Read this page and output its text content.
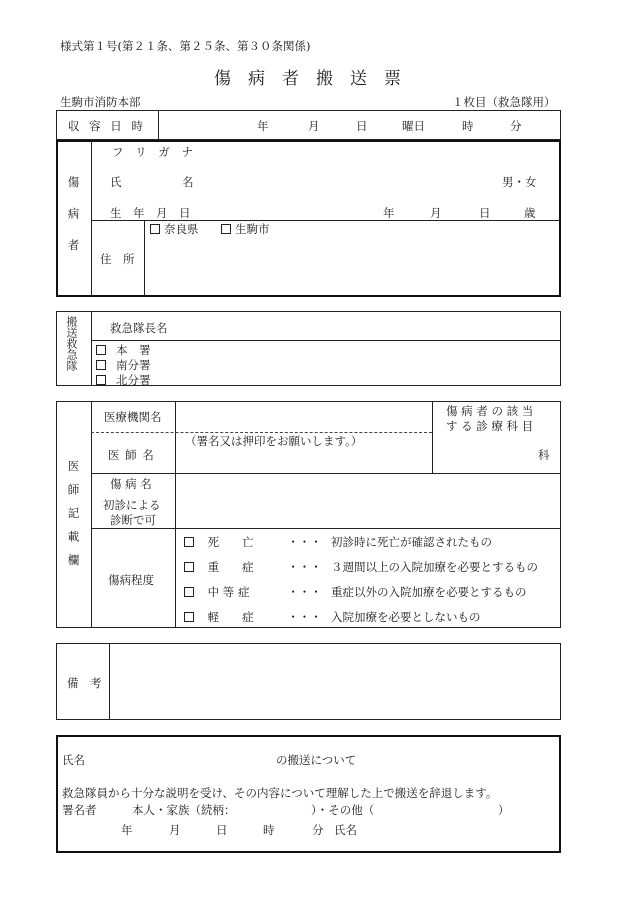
様式第１号(第２１条、第２５条、第３０条関係)
傷　病　者　搬　送　票
生駒市消防本部	１枚目（救急隊用）
収 容 日 時	年	月	日	曜日	時	分
傷病者
フ リ ガ ナ
氏	名	男・女
生　年　月　日	年	月	日	歳
住　所
奈良県	生駒市
搬送救急隊	救急隊長名
本　署
南分署
北分署
医師記載欄
医療機関名
医 師 名
（署名又は押印をお願いします。）
傷 病 者 の 該 当
す る 診 療 科 目
科
傷 病 名
初診による
診断で可
傷病程度
死　　亡	・・・ 初診時に死亡が確認されたもの
重　　症	・・・ ３週間以上の入院加療を必要とするもの
中 等 症	・・・ 重症以外の入院加療を必要とするもの
軽　　症	・・・ 入院加療を必要としないもの
備　考
氏名	の搬送について
救急隊員から十分な説明を受け、その内容について理解した上で搬送を辞退します。
署名者	本人・家族（続柄：	）・その他（	）
年	月	日	時	分 氏名
